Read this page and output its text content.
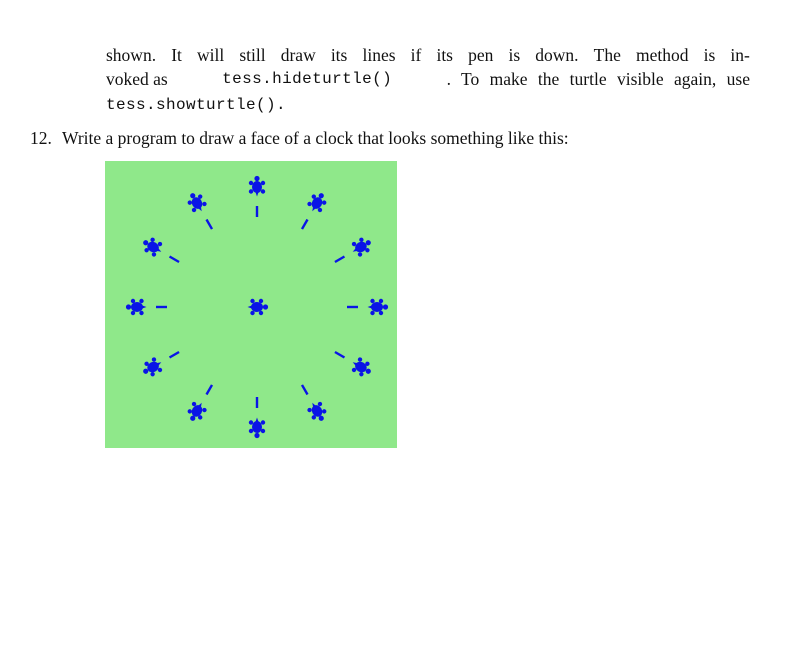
shown. It will still draw its lines if its pen is down. The method is in-
voked as	tess.hideturtle()	. To make the turtle visible again, use
tess.showturtle().
12. Write a program to draw a face of a clock that looks something like this:
